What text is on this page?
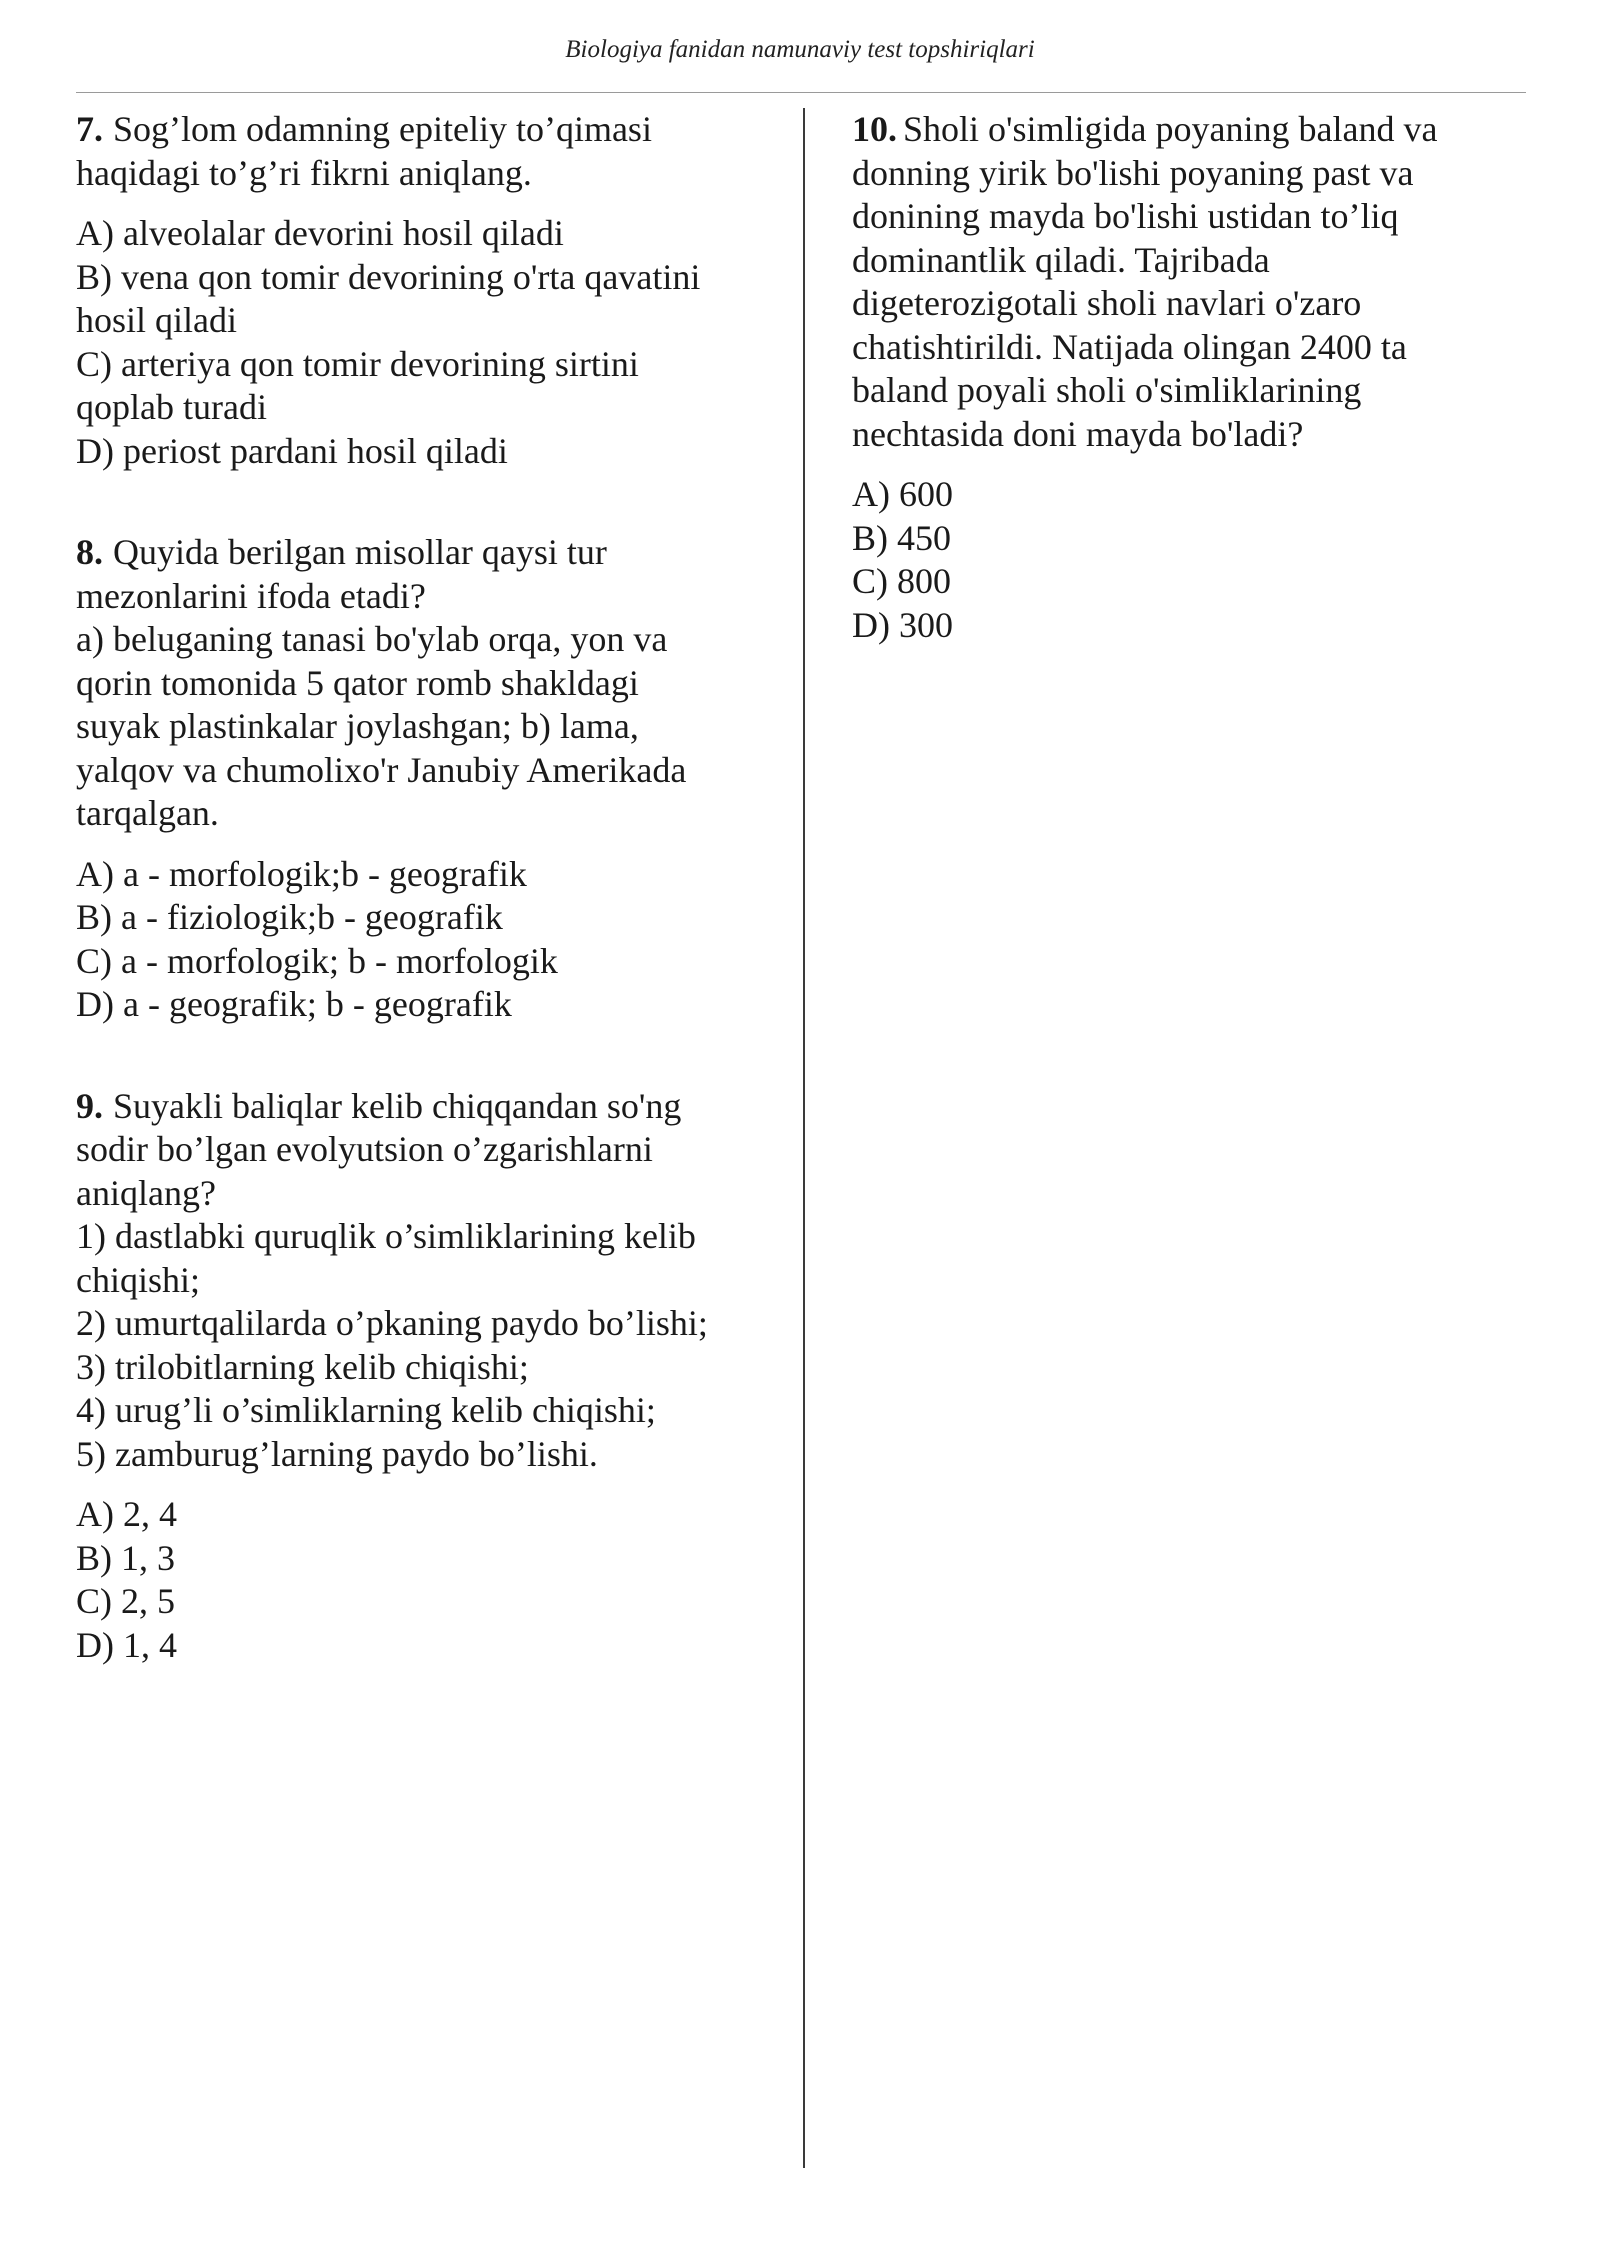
Biologiya fanidan namunaviy test topshiriqlari
7. Sog’lom odamning epiteliy to’qimasi
haqidagi to’g’ri fikrni aniqlang.
A) alveolalar devorini hosil qiladi
B) vena qon tomir devorining o'rta qavatini
hosil qiladi
C) arteriya qon tomir devorining sirtini
qoplab turadi
D) periost pardani hosil qiladi
8. Quyida berilgan misollar qaysi tur
mezonlarini ifoda etadi?
a) beluganing tanasi bo'ylab orqa, yon va
qorin tomonida 5 qator romb shakldagi
suyak plastinkalar joylashgan; b) lama,
yalqov va chumolixo'r Janubiy Amerikada
tarqalgan.
A) a - morfologik;b - geografik
B) a - fiziologik;b - geografik
C) a - morfologik; b - morfologik
D) a - geografik; b - geografik
9. Suyakli baliqlar kelib chiqqandan so'ng
sodir bo’lgan evolyutsion o’zgarishlarni
aniqlang?
1) dastlabki quruqlik o’simliklarining kelib
chiqishi;
2) umurtqalilarda o’pkaning paydo bo’lishi;
3) trilobitlarning kelib chiqishi;
4) urug’li o’simliklarning kelib chiqishi;
5) zamburug’larning paydo bo’lishi.
A) 2, 4
B) 1, 3
C) 2, 5
D) 1, 4
10. Sholi o'simligida poyaning baland va
donning yirik bo'lishi poyaning past va
donining mayda bo'lishi ustidan to’liq
dominantlik qiladi. Tajribada
digeterozigotali sholi navlari o'zaro
chatishtirildi. Natijada olingan 2400 ta
baland poyali sholi o'simliklarining
nechtasida doni mayda bo'ladi?
A) 600
B) 450
C) 800
D) 300
